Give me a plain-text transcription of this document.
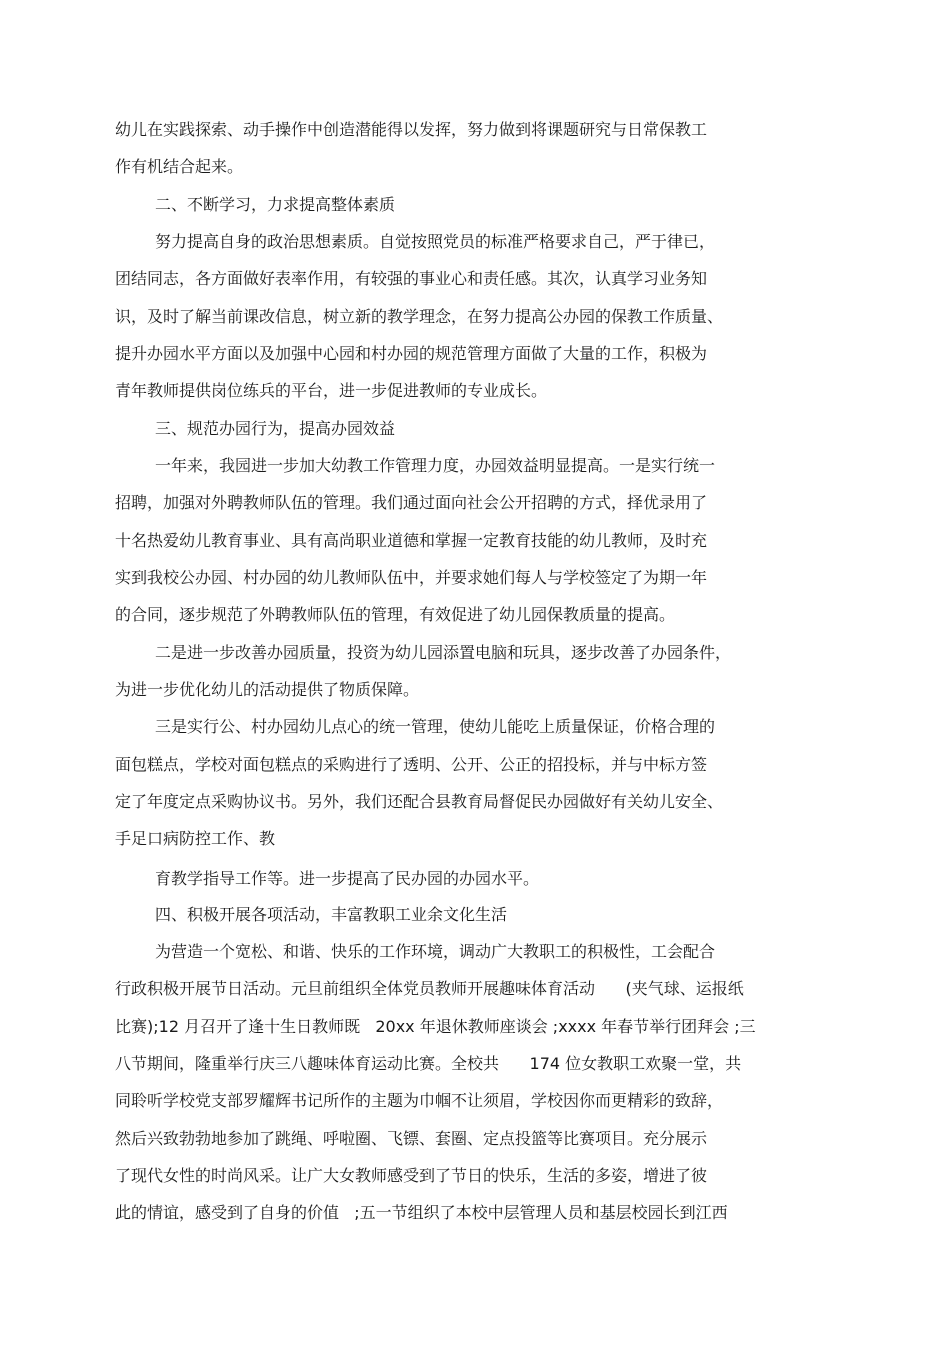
幼儿在实践探索、动手操作中创造潜能得以发挥，努力做到将课题研究与日常保教工
作有机结合起来。
二、不断学习，力求提高整体素质
努力提高自身的政治思想素质。自觉按照党员的标准严格要求自己，严于律已，
团结同志，各方面做好表率作用，有较强的事业心和责任感。其次，认真学习业务知
识，及时了解当前课改信息，树立新的教学理念，在努力提高公办园的保教工作质量、
提升办园水平方面以及加强中心园和村办园的规范管理方面做了大量的工作，积极为
青年教师提供岗位练兵的平台，进一步促进教师的专业成长。
三、规范办园行为，提高办园效益
一年来，我园进一步加大幼教工作管理力度，办园效益明显提高。一是实行统一
招聘，加强对外聘教师队伍的管理。我们通过面向社会公开招聘的方式，择优录用了
十名热爱幼儿教育事业、具有高尚职业道德和掌握一定教育技能的幼儿教师，及时充
实到我校公办园、村办园的幼儿教师队伍中，并要求她们每人与学校签定了为期一年
的合同，逐步规范了外聘教师队伍的管理，有效促进了幼儿园保教质量的提高。
二是进一步改善办园质量，投资为幼儿园添置电脑和玩具，逐步改善了办园条件，
为进一步优化幼儿的活动提供了物质保障。
三是实行公、村办园幼儿点心的统一管理，使幼儿能吃上质量保证，价格合理的
面包糕点，学校对面包糕点的采购进行了透明、公开、公正的招投标，并与中标方签
定了年度定点采购协议书。另外，我们还配合县教育局督促民办园做好有关幼儿安全、
手足口病防控工作、教
育教学指导工作等。进一步提高了民办园的办园水平。
四、积极开展各项活动，丰富教职工业余文化生活
为营造一个宽松、和谐、快乐的工作环境，调动广大教职工的积极性，工会配合
行政积极开展节日活动。元旦前组织全体党员教师开展趣味体育活动      (夹气球、运报纸
比赛);12 月召开了逢十生日教师既   20xx 年退休教师座谈会 ;xxxx 年春节举行团拜会 ;三
八节期间，隆重举行庆三八趣味体育运动比赛。全校共      174 位女教职工欢聚一堂，共
同聆听学校党支部罗耀辉书记所作的主题为巾帼不让须眉，学校因你而更精彩的致辞，
然后兴致勃勃地参加了跳绳、呼啦圈、飞镖、套圈、定点投篮等比赛项目。充分展示
了现代女性的时尚风采。让广大女教师感受到了节日的快乐，生活的多姿，增进了彼
此的情谊，感受到了自身的价值   ;五一节组织了本校中层管理人员和基层校园长到江西
